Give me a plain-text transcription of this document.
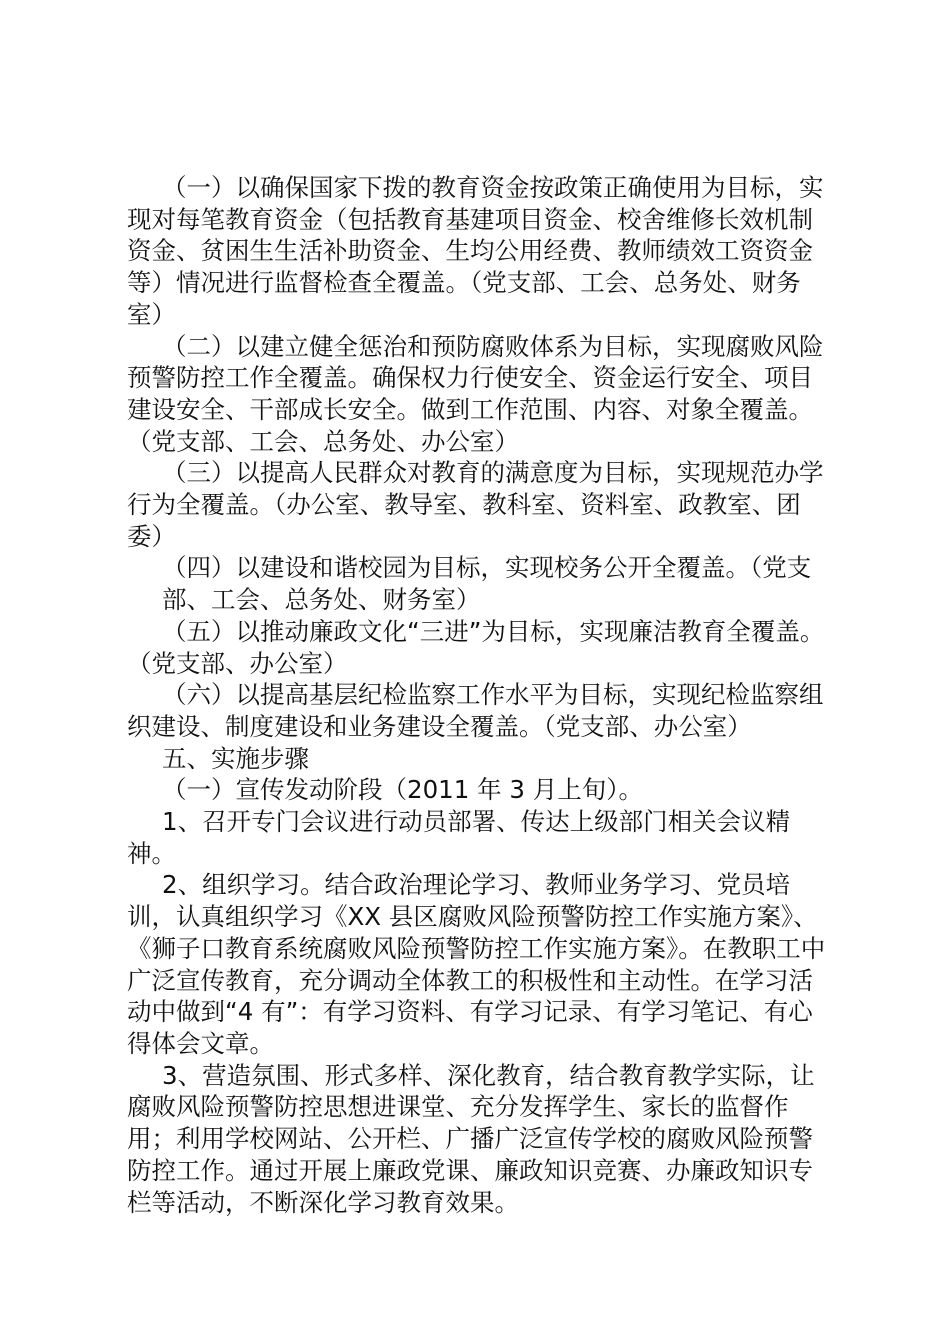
（一）以确保国家下拨的教育资金按政策正确使用为目标，实现对每笔教育资金（包括教育基建项目资金、校舍维修长效机制资金、贫困生生活补助资金、生均公用经费、教师绩效工资资金等）情况进行监督检查全覆盖。（党支部、工会、总务处、财务室）

（二）以建立健全惩治和预防腐败体系为目标，实现腐败风险预警防控工作全覆盖。确保权力行使安全、资金运行安全、项目建设安全、干部成长安全。做到工作范围、内容、对象全覆盖。（党支部、工会、总务处、办公室）

（三）以提高人民群众对教育的满意度为目标，实现规范办学行为全覆盖。（办公室、教导室、教科室、资料室、政教室、团委）

（四）以建设和谐校园为目标，实现校务公开全覆盖。（党支部、工会、总务处、财务室）

（五）以推动廉政文化“三进”为目标，实现廉洁教育全覆盖。（党支部、办公室）

（六）以提高基层纪检监察工作水平为目标，实现纪检监察组织建设、制度建设和业务建设全覆盖。（党支部、办公室）

五、实施步骤

（一）宣传发动阶段（2011 年 3 月上旬）。

1、召开专门会议进行动员部署、传达上级部门相关会议精神。

2、组织学习。结合政治理论学习、教师业务学习、党员培训，认真组织学习《XX 县区腐败风险预警防控工作实施方案》、《狮子口教育系统腐败风险预警防控工作实施方案》。在教职工中广泛宣传教育，充分调动全体教工的积极性和主动性。在学习活动中做到“4 有”：有学习资料、有学习记录、有学习笔记、有心得体会文章。

3、营造氛围、形式多样、深化教育，结合教育教学实际，让腐败风险预警防控思想进课堂、充分发挥学生、家长的监督作用；利用学校网站、公开栏、广播广泛宣传学校的腐败风险预警防控工作。通过开展上廉政党课、廉政知识竞赛、办廉政知识专栏等活动，不断深化学习教育效果。
